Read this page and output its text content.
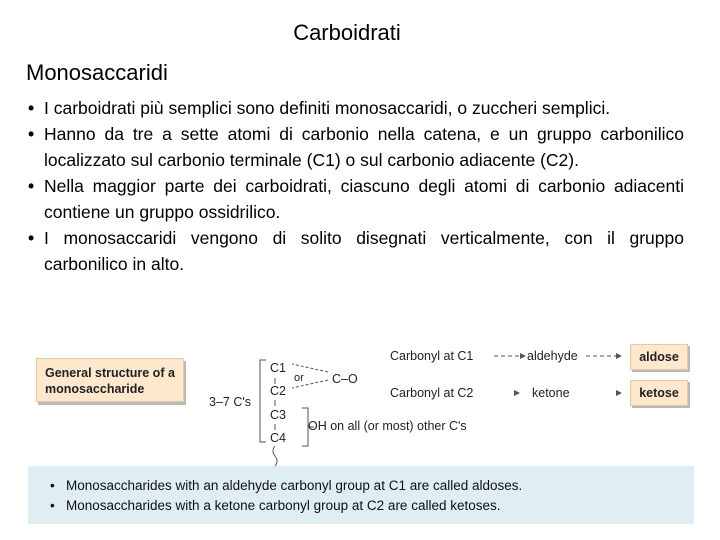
Carboidrati
Monosaccaridi
• I carboidrati più semplici sono definiti monosaccaridi, o zuccheri semplici.
• Hanno da tre a sette atomi di carbonio nella catena, e un gruppo carbonilico localizzato sul carbonio terminale (C1) o sul carbonio adiacente (C2).
• Nella maggior parte dei carboidrati, ciascuno degli atomi di carbonio adiacenti contiene un gruppo ossidrilico.
• I monosaccaridi vengono di solito disegnati verticalmente, con il gruppo carbonilico in alto.
General structure of a monosaccharide
3–7 C's
C1
or
C2
C–O
C3
C4
OH on all (or most) other C's
Carbonyl at C1	aldehyde	aldose
Carbonyl at C2	ketone	ketose
• Monosaccharides with an aldehyde carbonyl group at C1 are called aldoses.
• Monosaccharides with a ketone carbonyl group at C2 are called ketoses.
